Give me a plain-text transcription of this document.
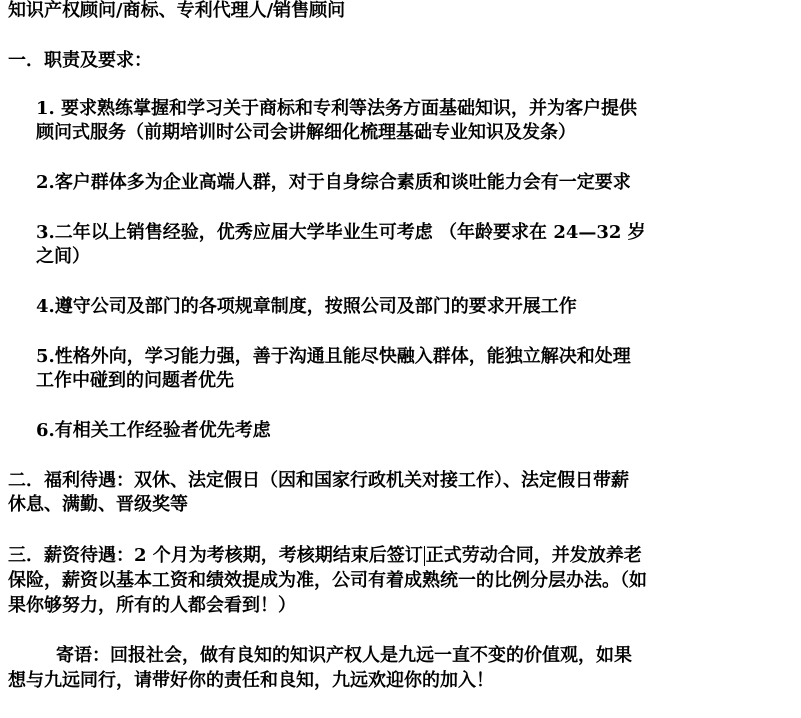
知识产权顾问/商标、专利代理人/销售顾问
一．职责及要求：
1. 要求熟练掌握和学习关于商标和专利等法务方面基础知识，并为客户提供
顾问式服务（前期培训时公司会讲解细化梳理基础专业知识及发条）
2.客户群体多为企业高端人群，对于自身综合素质和谈吐能力会有一定要求
3.二年以上销售经验，优秀应届大学毕业生可考虑 （年龄要求在 24—32 岁
之间）
4.遵守公司及部门的各项规章制度，按照公司及部门的要求开展工作
5.性格外向，学习能力强，善于沟通且能尽快融入群体，能独立解决和处理
工作中碰到的问题者优先
6.有相关工作经验者优先考虑
二．福利待遇：双休、法定假日（因和国家行政机关对接工作）、法定假日带薪
休息、满勤、晋级奖等
三．薪资待遇：2 个月为考核期，考核期结束后签订 正式劳动合同，并发放养老
保险，薪资以基本工资和绩效提成为准，公司有着成熟统一的比例分层办法。（如
果你够努力，所有的人都会看到！）
寄语：回报社会，做有良知的知识产权人是九远一直不变的价值观，如果
想与九远同行，请带好你的责任和良知，九远欢迎你的加入！
